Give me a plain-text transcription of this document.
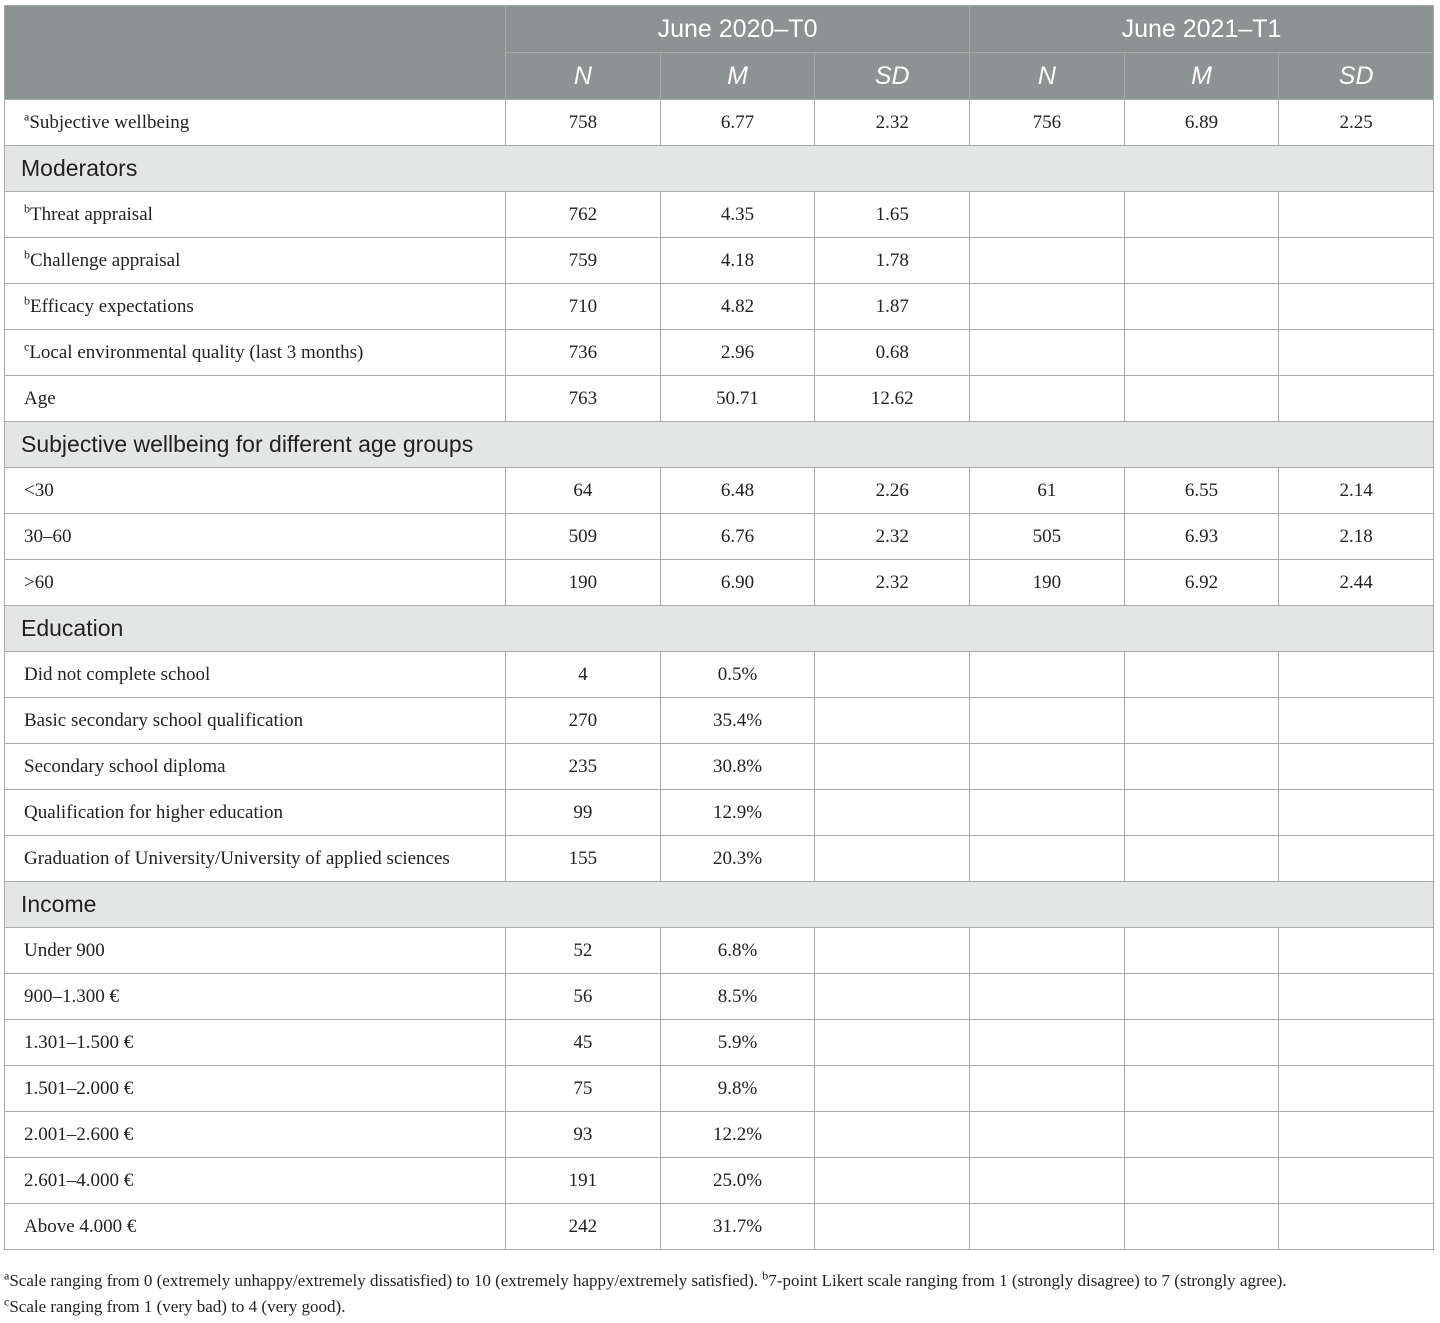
	June 2020–T0			June 2021–T1		
	N	M	SD	N	M	SD
$^a$Subjective wellbeing	758	6.77	2.32	756	6.89	2.25
Moderators						
$^b$Threat appraisal	762	4.35	1.65			
$^b$Challenge appraisal	759	4.18	1.78			
$^b$Efficacy expectations	710	4.82	1.87			
$^c$Local environmental quality (last 3 months)	736	2.96	0.68			
Age	763	50.71	12.62			
Subjective wellbeing for different age groups						
<30	64	6.48	2.26	61	6.55	2.14
30–60	509	6.76	2.32	505	6.93	2.18
>60	190	6.90	2.32	190	6.92	2.44
Education						
Did not complete school	4	0.5%				
Basic secondary school qualification	270	35.4%				
Secondary school diploma	235	30.8%				
Qualification for higher education	99	12.9%				
Graduation of University/University of applied sciences	155	20.3%				
Income						
Under 900	52	6.8%				
900–1.300 €	56	8.5%				
1.301–1.500 €	45	5.9%				
1.501–2.000 €	75	9.8%				
2.001–2.600 €	93	12.2%				
2.601–4.000 €	191	25.0%				
Above 4.000 €	242	31.7%				
$^a$Scale ranging from 0 (extremely unhappy/extremely dissatisfied) to 10 (extremely happy/extremely satisfied). $^b$7-point Likert scale ranging from 1 (strongly disagree) to 7 (strongly agree).
$^c$Scale ranging from 1 (very bad) to 4 (very good).
